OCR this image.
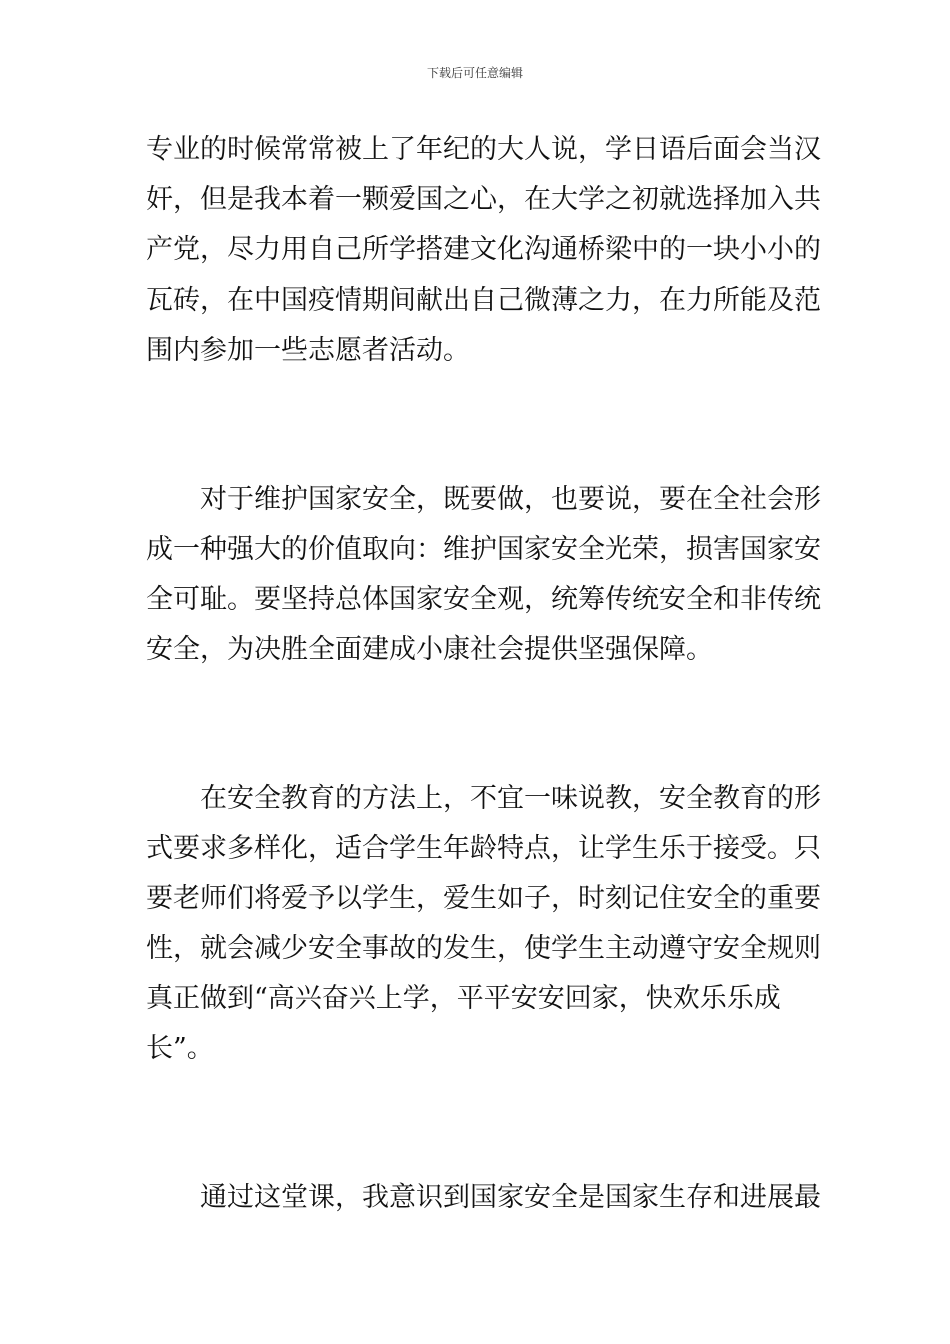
下载后可任意编辑
专业的时候常常被上了年纪的大人说，学日语后面会当汉
奸，但是我本着一颗爱国之心，在大学之初就选择加入共
产党，尽力用自己所学搭建文化沟通桥梁中的一块小小的
瓦砖，在中国疫情期间献出自己微薄之力，在力所能及范
围内参加一些志愿者活动。
对于维护国家安全，既要做，也要说，要在全社会形
成一种强大的价值取向：维护国家安全光荣，损害国家安
全可耻。要坚持总体国家安全观，统筹传统安全和非传统
安全，为决胜全面建成小康社会提供坚强保障。
在安全教育的方法上，不宜一味说教，安全教育的形
式要求多样化，适合学生年龄特点，让学生乐于接受。只
要老师们将爱予以学生，爱生如子，时刻记住安全的重要
性，就会减少安全事故的发生，使学生主动遵守安全规则
真正做到“高兴奋兴上学，平平安安回家，快欢乐乐成
长”。
通过这堂课，我意识到国家安全是国家生存和进展最
